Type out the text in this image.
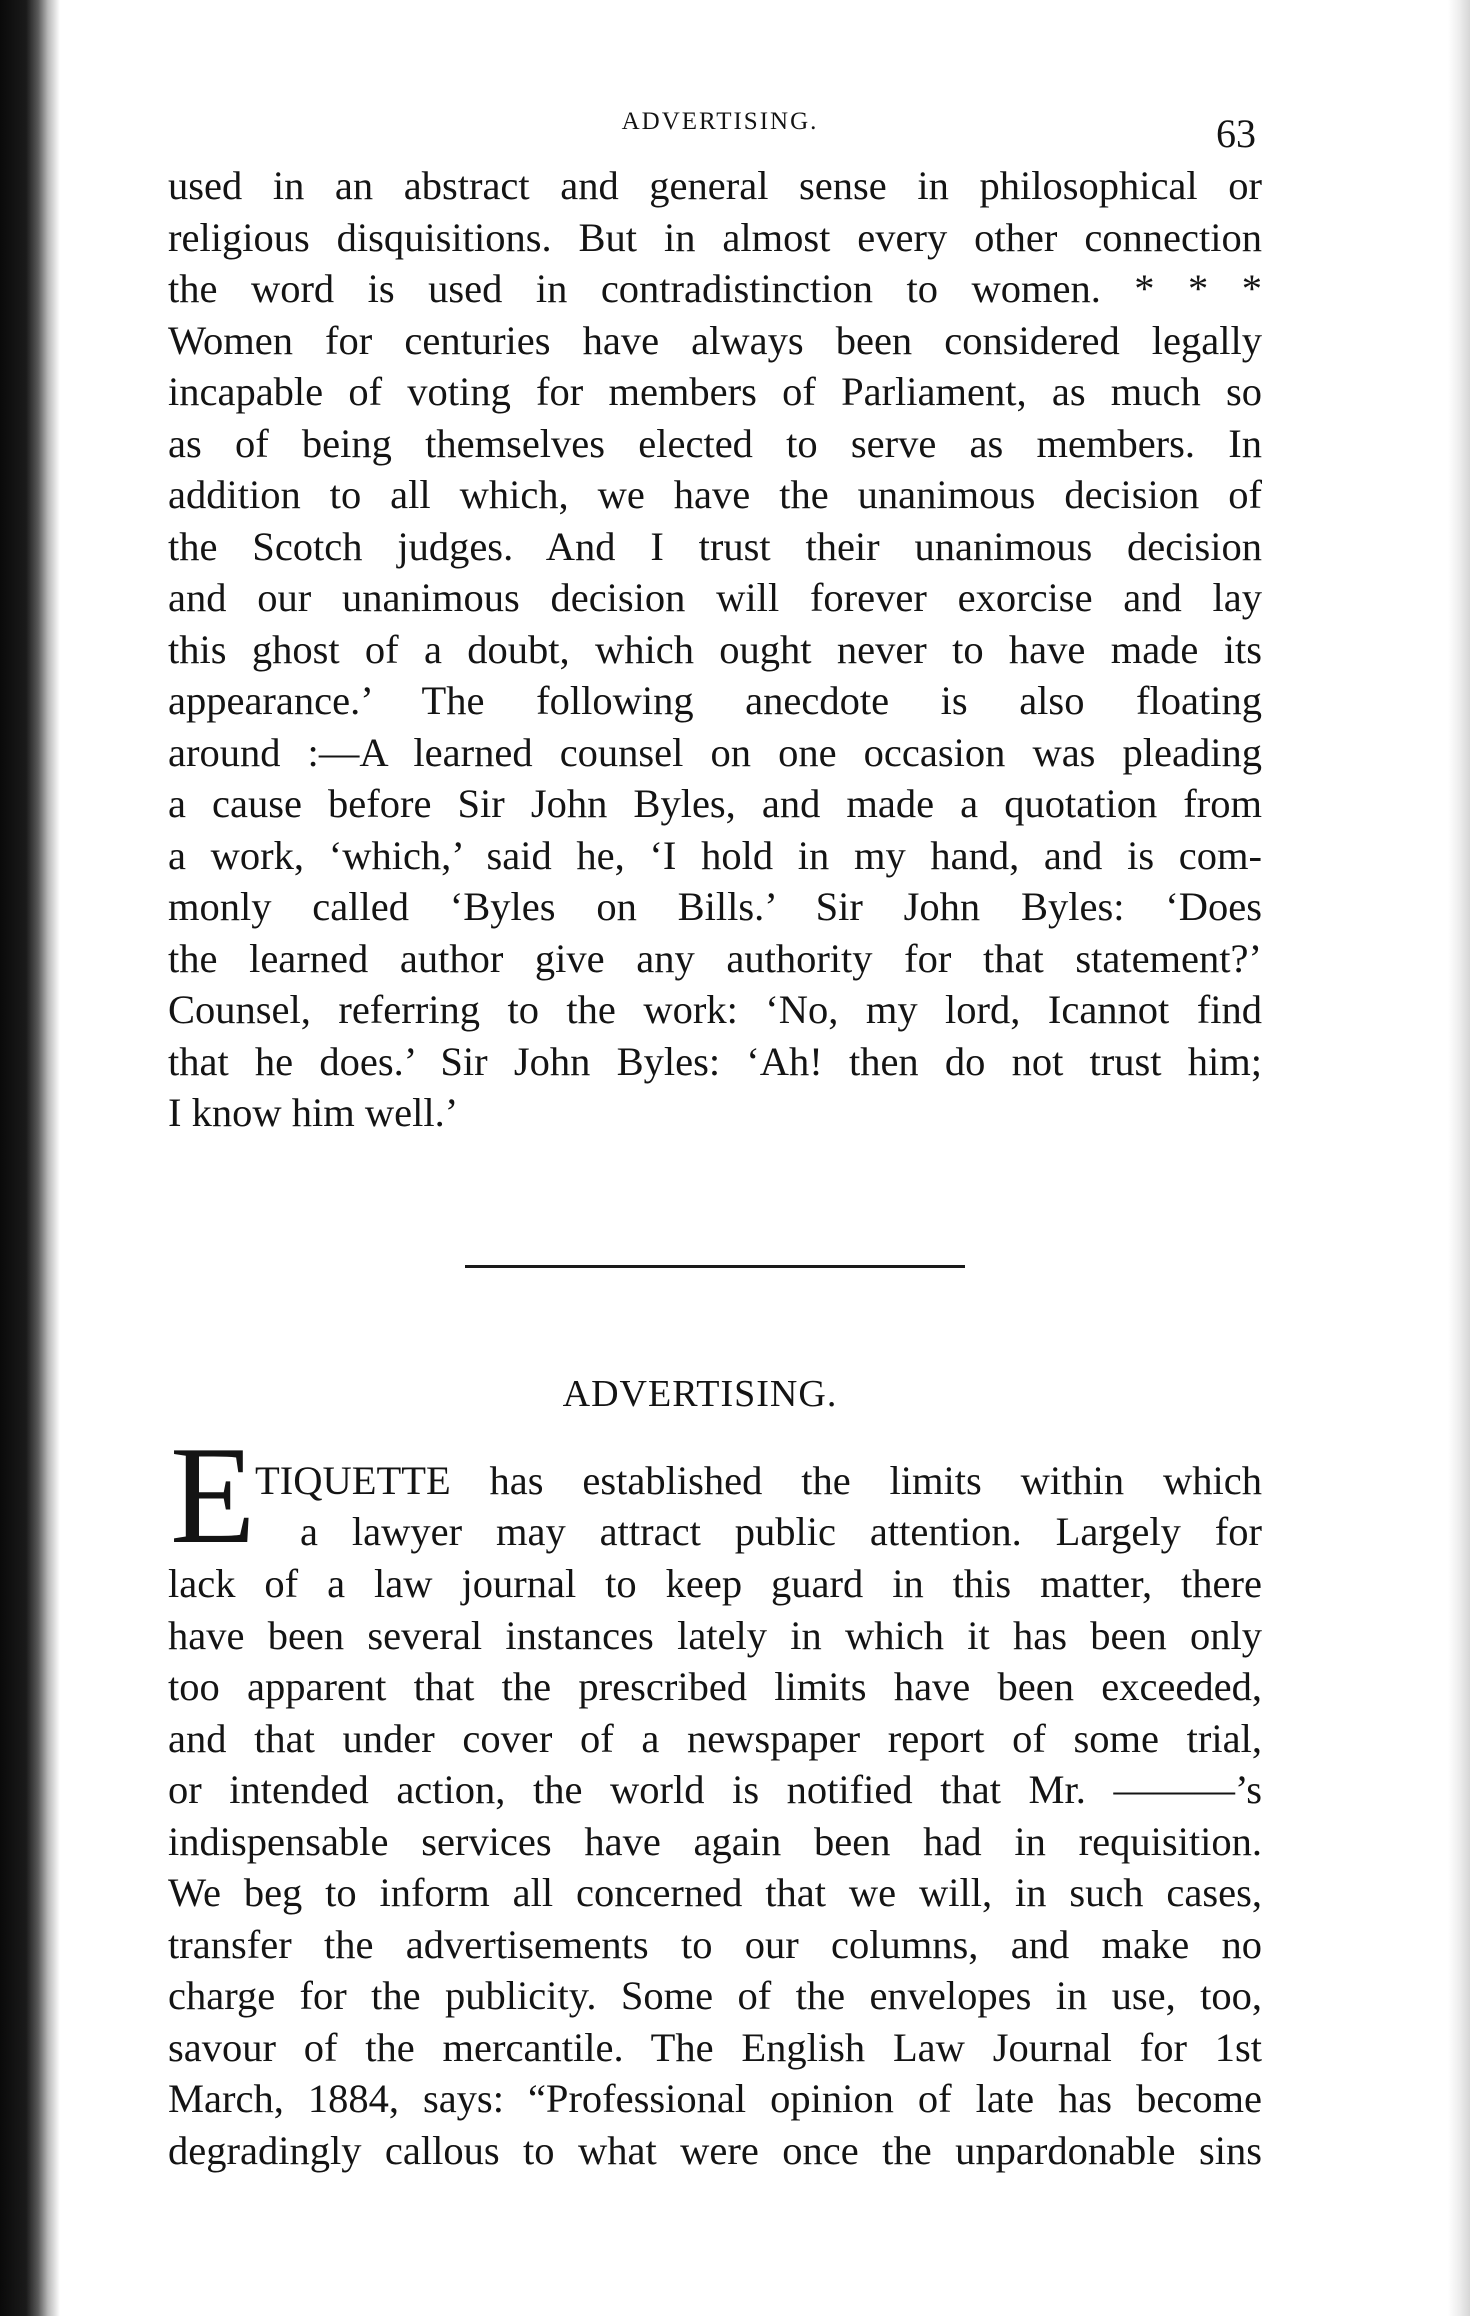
ADVERTISING.	63
used in an abstract and general sense in philosophical or
religious disquisitions. But in almost every other connection
the word is used in contradistinction to women. * * *
Women for centuries have always been considered legally
incapable of voting for members of Parliament, as much so
as of being themselves elected to serve as members. In
addition to all which, we have the unanimous decision of
the Scotch judges. And I trust their unanimous decision
and our unanimous decision will forever exorcise and lay
this ghost of a doubt, which ought never to have made its
appearance.’ The following anecdote is also floating
around :—A learned counsel on one occasion was pleading
a cause before Sir John Byles, and made a quotation from
a work, ‘which,’ said he, ‘I hold in my hand, and is com-
monly called ‘Byles on Bills.’ Sir John Byles: ‘Does
the learned author give any authority for that statement?’
Counsel, referring to the work: ‘No, my lord, Icannot find
that he does.’ Sir John Byles: ‘Ah! then do not trust him;
I know him well.’
ADVERTISING.
E TIQUETTE has established the limits within which
a lawyer may attract public attention. Largely for
lack of a law journal to keep guard in this matter, there
have been several instances lately in which it has been only
too apparent that the prescribed limits have been exceeded,
and that under cover of a newspaper report of some trial,
or intended action, the world is notified that Mr. ———’s
indispensable services have again been had in requisition.
We beg to inform all concerned that we will, in such cases,
transfer the advertisements to our columns, and make no
charge for the publicity. Some of the envelopes in use, too,
savour of the mercantile. The English Law Journal for 1st
March, 1884, says: “Professional opinion of late has become
degradingly callous to what were once the unpardonable sins
